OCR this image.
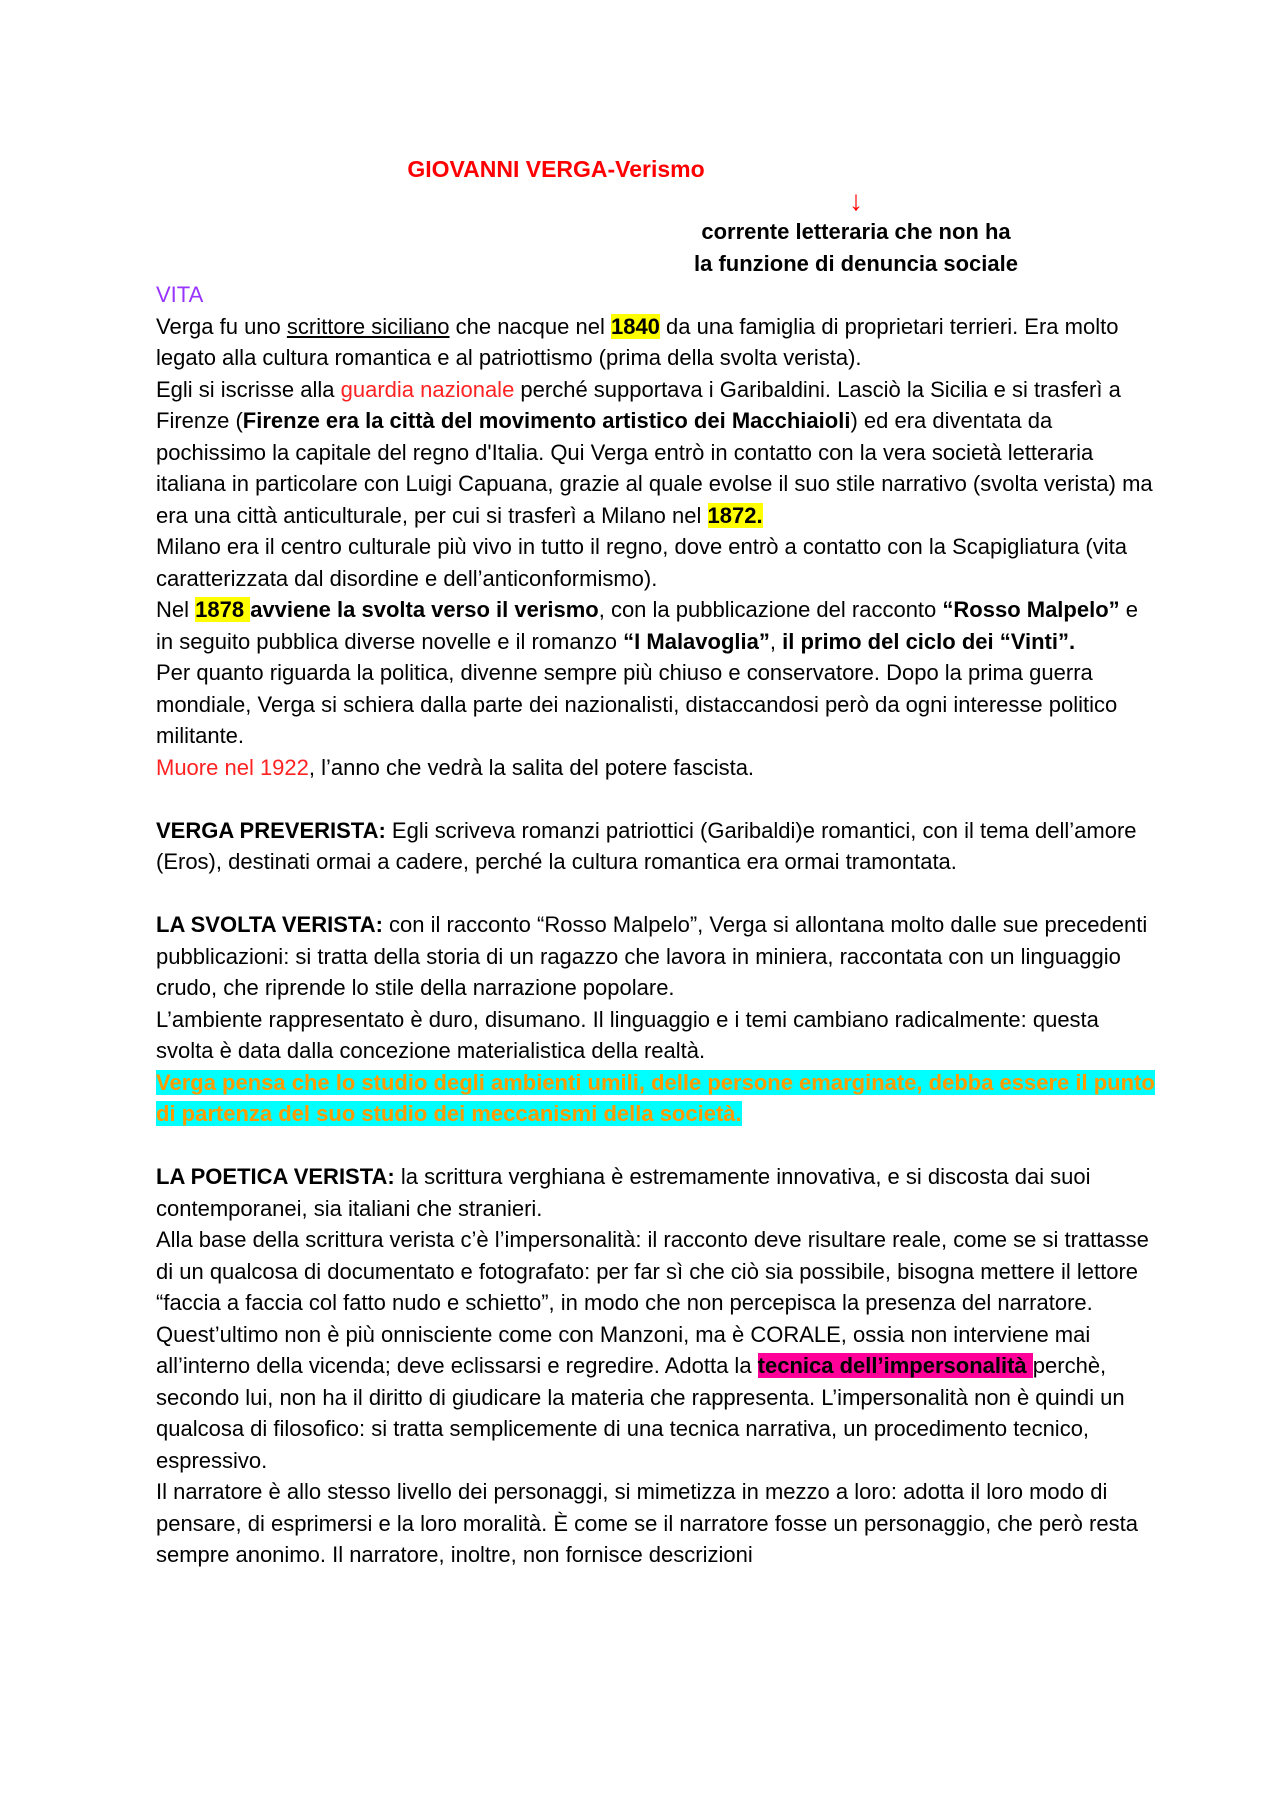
GIOVANNI VERGA-Verismo
↓
corrente letteraria che non ha
la funzione di denuncia sociale
VITA

Verga fu uno scrittore siciliano che nacque nel 1840 da una famiglia di proprietari terrieri. Era molto legato alla cultura romantica e al patriottismo (prima della svolta verista).

Egli si iscrisse alla guardia nazionale perché supportava i Garibaldini. Lasciò la Sicilia e si trasferì a Firenze (Firenze era la città del movimento artistico dei Macchiaioli) ed era diventata da pochissimo la capitale del regno d'Italia. Qui Verga entrò in contatto con la vera società letteraria italiana in particolare con Luigi Capuana, grazie al quale evolse il suo stile narrativo (svolta verista) ma era una città anticulturale, per cui si trasferì a Milano nel 1872.

Milano era il centro culturale più vivo in tutto il regno, dove entrò a contatto con la Scapigliatura (vita caratterizzata dal disordine e dell’anticonformismo).

Nel 1878 avviene la svolta verso il verismo, con la pubblicazione del racconto “Rosso Malpelo” e in seguito pubblica diverse novelle e il romanzo “I Malavoglia”, il primo del ciclo dei “Vinti”.

Per quanto riguarda la politica, divenne sempre più chiuso e conservatore. Dopo la prima guerra mondiale, Verga si schiera dalla parte dei nazionalisti, distaccandosi però da ogni interesse politico militante.

Muore nel 1922, l’anno che vedrà la salita del potere fascista.

VERGA PREVERISTA: Egli scriveva romanzi patriottici (Garibaldi)e romantici, con il tema dell’amore (Eros), destinati ormai a cadere, perché la cultura romantica era ormai tramontata.

LA SVOLTA VERISTA: con il racconto “Rosso Malpelo”, Verga si allontana molto dalle sue precedenti pubblicazioni: si tratta della storia di un ragazzo che lavora in miniera, raccontata con un linguaggio crudo, che riprende lo stile della narrazione popolare.

L’ambiente rappresentato è duro, disumano. Il linguaggio e i temi cambiano radicalmente: questa svolta è data dalla concezione materialistica della realtà.

Verga pensa che lo studio degli ambienti umili, delle persone emarginate, debba essere il punto di partenza del suo studio dei meccanismi della società.

LA POETICA VERISTA: la scrittura verghiana è estremamente innovativa, e si discosta dai suoi contemporanei, sia italiani che stranieri.

Alla base della scrittura verista c’è l’impersonalità: il racconto deve risultare reale, come se si trattasse di un qualcosa di documentato e fotografato: per far sì che ciò sia possibile, bisogna mettere il lettore “faccia a faccia col fatto nudo e schietto”, in modo che non percepisca la presenza del narratore. Quest’ultimo non è più onnisciente come con Manzoni, ma è CORALE, ossia non interviene mai all’interno della vicenda; deve eclissarsi e regredire. Adotta la tecnica dell’impersonalità perchè, secondo lui, non ha il diritto di giudicare la materia che rappresenta. L’impersonalità non è quindi un qualcosa di filosofico: si tratta semplicemente di una tecnica narrativa, un procedimento tecnico, espressivo.

Il narratore è allo stesso livello dei personaggi, si mimetizza in mezzo a loro: adotta il loro modo di pensare, di esprimersi e la loro moralità. È come se il narratore fosse un personaggio, che però resta sempre anonimo. Il narratore, inoltre, non fornisce descrizioni
